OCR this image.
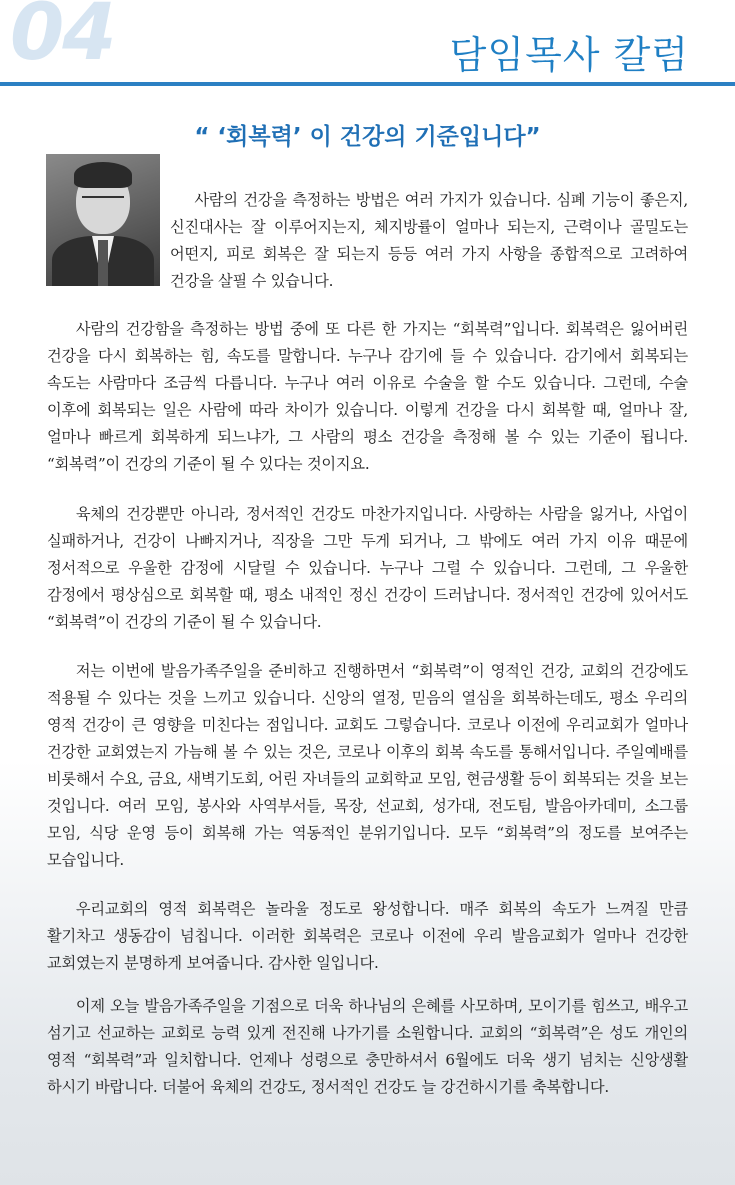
04	담임목사 칼럼
“ ‘회복력’ 이 건강의 기준입니다”

사람의 건강을 측정하는 방법은 여러 가지가 있습니다. 심폐 기능이 좋은지, 신진대사는 잘 이루어지는지, 체지방률이 얼마나 되는지, 근력이나 골밀도는 어떤지, 피로 회복은 잘 되는지 등등 여러 가지 사항을 종합적으로 고려하여 건강을 살필 수 있습니다.

사람의 건강함을 측정하는 방법 중에 또 다른 한 가지는 “회복력”입니다. 회복력은 잃어버린 건강을 다시 회복하는 힘, 속도를 말합니다. 누구나 감기에 들 수 있습니다. 감기에서 회복되는 속도는 사람마다 조금씩 다릅니다. 누구나 여러 이유로 수술을 할 수도 있습니다. 그런데, 수술 이후에 회복되는 일은 사람에 따라 차이가 있습니다. 이렇게 건강을 다시 회복할 때, 얼마나 잘, 얼마나 빠르게 회복하게 되느냐가, 그 사람의 평소 건강을 측정해 볼 수 있는 기준이 됩니다. “회복력”이 건강의 기준이 될 수 있다는 것이지요.

육체의 건강뿐만 아니라, 정서적인 건강도 마찬가지입니다. 사랑하는 사람을 잃거나, 사업이 실패하거나, 건강이 나빠지거나, 직장을 그만 두게 되거나, 그 밖에도 여러 가지 이유 때문에 정서적으로 우울한 감정에 시달릴 수 있습니다. 누구나 그럴 수 있습니다. 그런데, 그 우울한 감정에서 평상심으로 회복할 때, 평소 내적인 정신 건강이 드러납니다. 정서적인 건강에 있어서도 “회복력”이 건강의 기준이 될 수 있습니다.

저는 이번에 발음가족주일을 준비하고 진행하면서 “회복력”이 영적인 건강, 교회의 건강에도 적용될 수 있다는 것을 느끼고 있습니다. 신앙의 열정, 믿음의 열심을 회복하는데도, 평소 우리의 영적 건강이 큰 영향을 미친다는 점입니다. 교회도 그렇습니다. 코로나 이전에 우리교회가 얼마나 건강한 교회였는지 가늠해 볼 수 있는 것은, 코로나 이후의 회복 속도를 통해서입니다. 주일예배를 비롯해서 수요, 금요, 새벽기도회, 어린 자녀들의 교회학교 모임, 현금생활 등이 회복되는 것을 보는 것입니다. 여러 모임, 봉사와 사역부서들, 목장, 선교회, 성가대, 전도팀, 발음아카데미, 소그룹 모임, 식당 운영 등이 회복해 가는 역동적인 분위기입니다. 모두 “회복력”의 정도를 보여주는 모습입니다.

우리교회의 영적 회복력은 놀라울 정도로 왕성합니다. 매주 회복의 속도가 느껴질 만큼 활기차고 생동감이 넘칩니다. 이러한 회복력은 코로나 이전에 우리 발음교회가 얼마나 건강한 교회였는지 분명하게 보여줍니다. 감사한 일입니다.

이제 오늘 발음가족주일을 기점으로 더욱 하나님의 은혜를 사모하며, 모이기를 힘쓰고, 배우고 섬기고 선교하는 교회로 능력 있게 전진해 나가기를 소원합니다. 교회의 “회복력”은 성도 개인의 영적 “회복력”과 일치합니다. 언제나 성령으로 충만하셔서 6월에도 더욱 생기 넘치는 신앙생활 하시기 바랍니다. 더불어 육체의 건강도, 정서적인 건강도 늘 강건하시기를 축복합니다.
